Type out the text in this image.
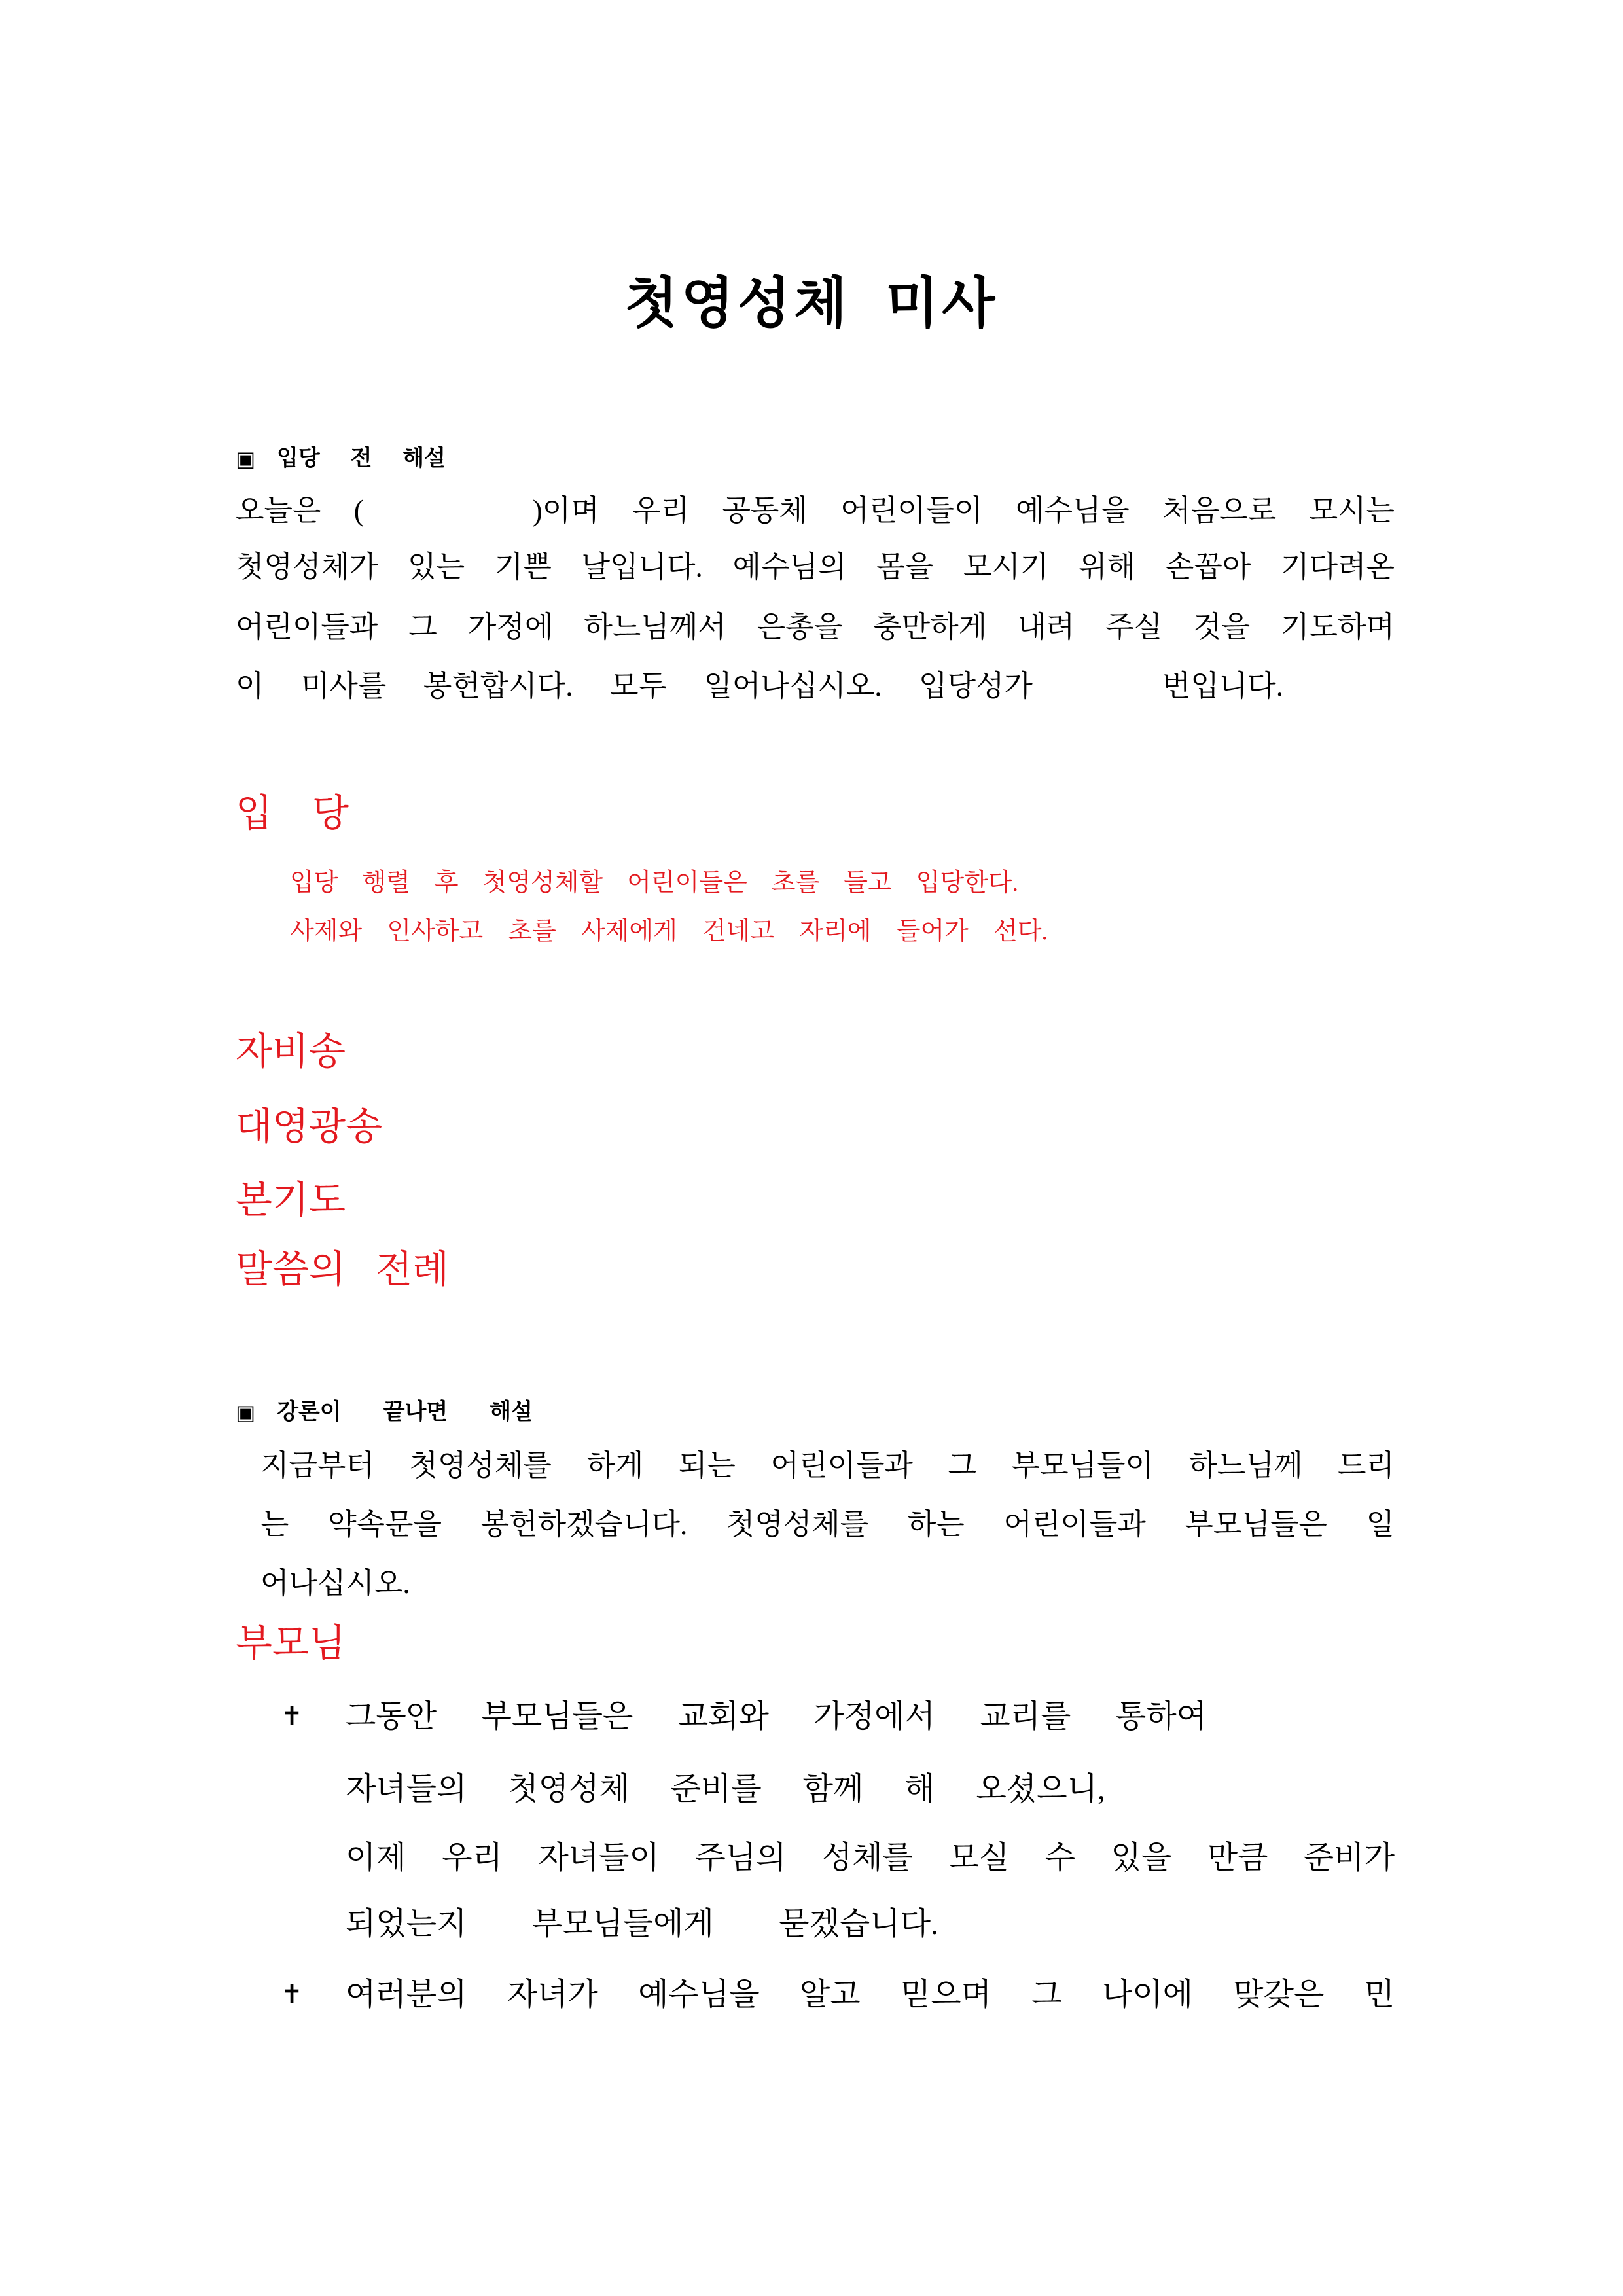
첫영성체 미사
▣
입당 전 해설
오늘은 (	)이며 우리 공동체 어린이들이 예수님을 처음으로 모시는
첫영성체가 있는 기쁜 날입니다. 예수님의 몸을 모시기 위해 손꼽아 기다려온
어린이들과 그 가정에 하느님께서 은총을 충만하게 내려 주실 것을 기도하며
이 미사를 봉헌합시다. 모두 일어나십시오. 입당성가	번입니다.
입 당
입당 행렬 후 첫영성체할 어린이들은 초를 들고 입당한다.
사제와 인사하고 초를 사제에게 건네고 자리에 들어가 선다.
자비송
대영광송
본기도
말씀의 전례
▣
강론이 끝나면 해설
지금부터 첫영성체를 하게 되는 어린이들과 그 부모님들이 하느님께 드리
는 약속문을 봉헌하겠습니다. 첫영성체를 하는 어린이들과 부모님들은 일
어나십시오.
부모님
✝
그동안 부모님들은 교회와 가정에서 교리를 통하여
자녀들의 첫영성체 준비를 함께 해 오셨으니,
이제 우리 자녀들이 주님의 성체를 모실 수 있을 만큼 준비가
되었는지 부모님들에게 묻겠습니다.
✝
여러분의 자녀가 예수님을 알고 믿으며 그 나이에 맞갖은 민
